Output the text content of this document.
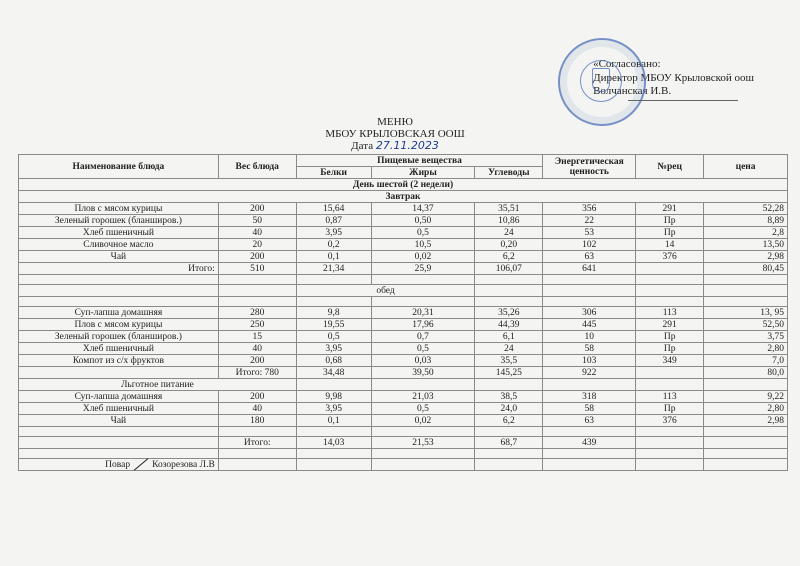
«Согласовано:
Директор МБОУ Крыловской оош
Волчанская И.В.
МЕНЮ
МБОУ КРЫЛОВСКАЯ ООШ
Дата 27.11.2023
Наименование блюда	Вес блюда	Пищевые вещества			Энергетическая ценность	№рец	цена
		Белки	Жиры	Углеводы			
День шестой (2 недели)							
Завтрак							
Плов с мясом курицы	200	15,64	14,37	35,51	356	291	52,28
Зеленый горошек (бланширов.)	50	0,87	0,50	10,86	22	Пр	8,89
Хлеб пшеничный	40	3,95	0,5	24	53	Пр	2,8
Сливочное масло	20	0,2	10,5	0,20	102	14	13,50
Чай	200	0,1	0,02	6,2	63	376	2,98
Итого:	510	21,34	25,9	106,07	641		80,45

		обед					

Суп-лапша домашняя	280	9,8	20,31	35,26	306	113	13, 95
Плов с мясом курицы	250	19,55	17,96	44,39	445	291	52,50
Зеленый горошек (бланширов.)	15	0,5	0,7	6,1	10	Пр	3,75
Хлеб пшеничный	40	3,95	0,5	24	58	Пр	2,80
Компот из с/х фруктов	200	0,68	0,03	35,5	103	349	7,0
	Итого: 780	34,48	39,50	145,25	922		80,0
Льготное питание							
Суп-лапша домашняя	200	9,98	21,03	38,5	318	113	9,22
Хлеб пшеничный	40	3,95	0,5	24,0	58	Пр	2,80
Чай	180	0,1	0,02	6,2	63	376	2,98

	Итого:	14,03	21,53	68,7	439		

Повар Козорезова Л.В							
